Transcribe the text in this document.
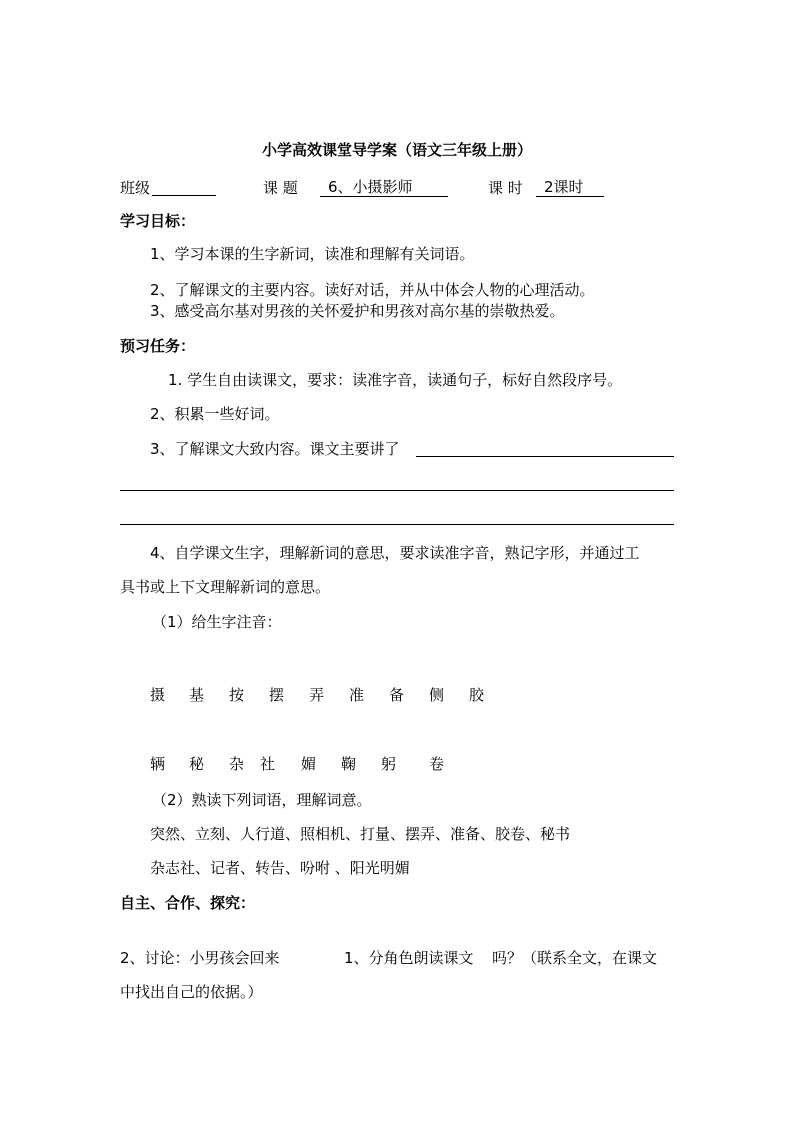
小学高效课堂导学案（语文三年级上册）
班级	课 题	6、小摄影师	课 时	2课时
学习目标：
1、学习本课的生字新词，读准和理解有关词语。
2、了解课文的主要内容。读好对话，并从中体会人物的心理活动。
3、感受高尔基对男孩的关怀爱护和男孩对高尔基的崇敬热爱。
预习任务：
1. 学生自由读课文，要求：读准字音，读通句子，标好自然段序号。
2、积累一些好词。
3、了解课文大致内容。课文主要讲了
4、自学课文生字，理解新词的意思，要求读准字音，熟记字形，并通过工
具书或上下文理解新词的意思。
（1）给生字注音：
摄 基 按 摆 弄 准 备 侧 胶
辆 秘 杂 社 媚 鞠 躬 卷
（2）熟读下列词语，理解词意。
突然、立刻、人行道、照相机、打量、摆弄、准备、胶卷、秘书
杂志社、记者、转告、吩咐 、阳光明媚
自主、合作、探究：
2、讨论：小男孩会回来	1、分角色朗读课文 吗？（联系全文，在课文
中找出自己的依据。）
